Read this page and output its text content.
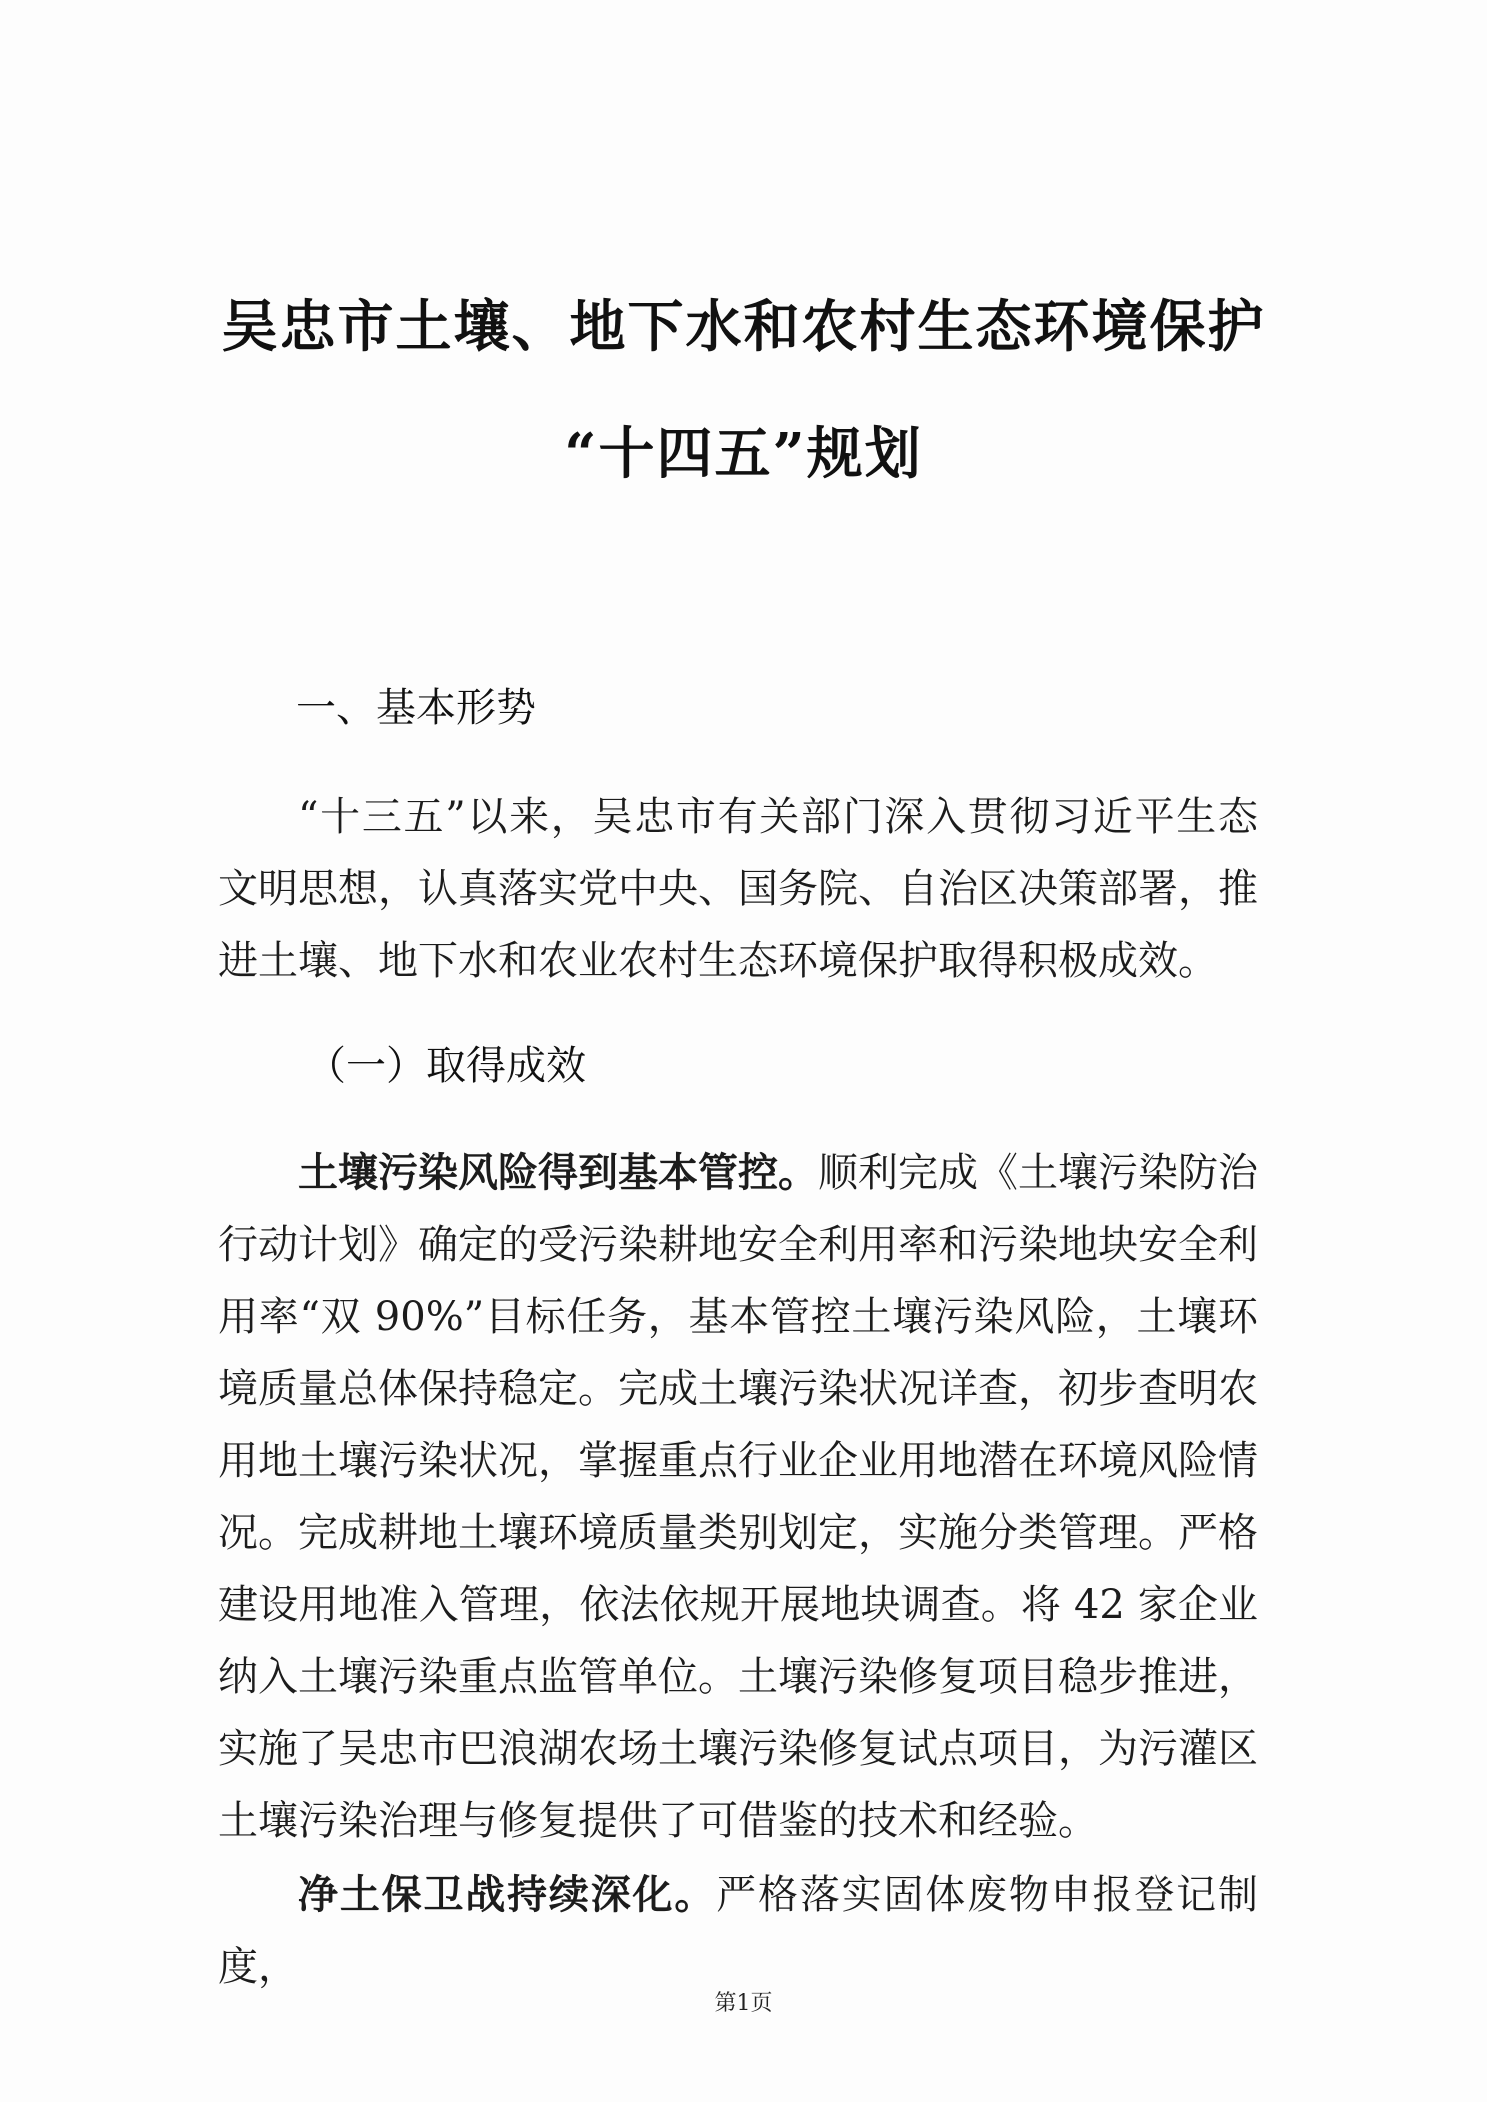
吴忠市土壤、地下水和农村生态环境保护
“十四五”规划
一、基本形势

“十三五”以来，吴忠市有关部门深入贯彻习近平生态文明思想，认真落实党中央、国务院、自治区决策部署，推进土壤、地下水和农业农村生态环境保护取得积极成效。

（一）取得成效

土壤污染风险得到基本管控。顺利完成《土壤污染防治行动计划》确定的受污染耕地安全利用率和污染地块安全利用率“双 90%”目标任务，基本管控土壤污染风险，土壤环境质量总体保持稳定。完成土壤污染状况详查，初步查明农用地土壤污染状况，掌握重点行业企业用地潜在环境风险情况。完成耕地土壤环境质量类别划定，实施分类管理。严格建设用地准入管理，依法依规开展地块调查。将 42 家企业纳入土壤污染重点监管单位。土壤污染修复项目稳步推进，实施了吴忠市巴浪湖农场土壤污染修复试点项目，为污灌区土壤污染治理与修复提供了可借鉴的技术和经验。

净土保卫战持续深化。严格落实固体废物申报登记制度，

第1页
